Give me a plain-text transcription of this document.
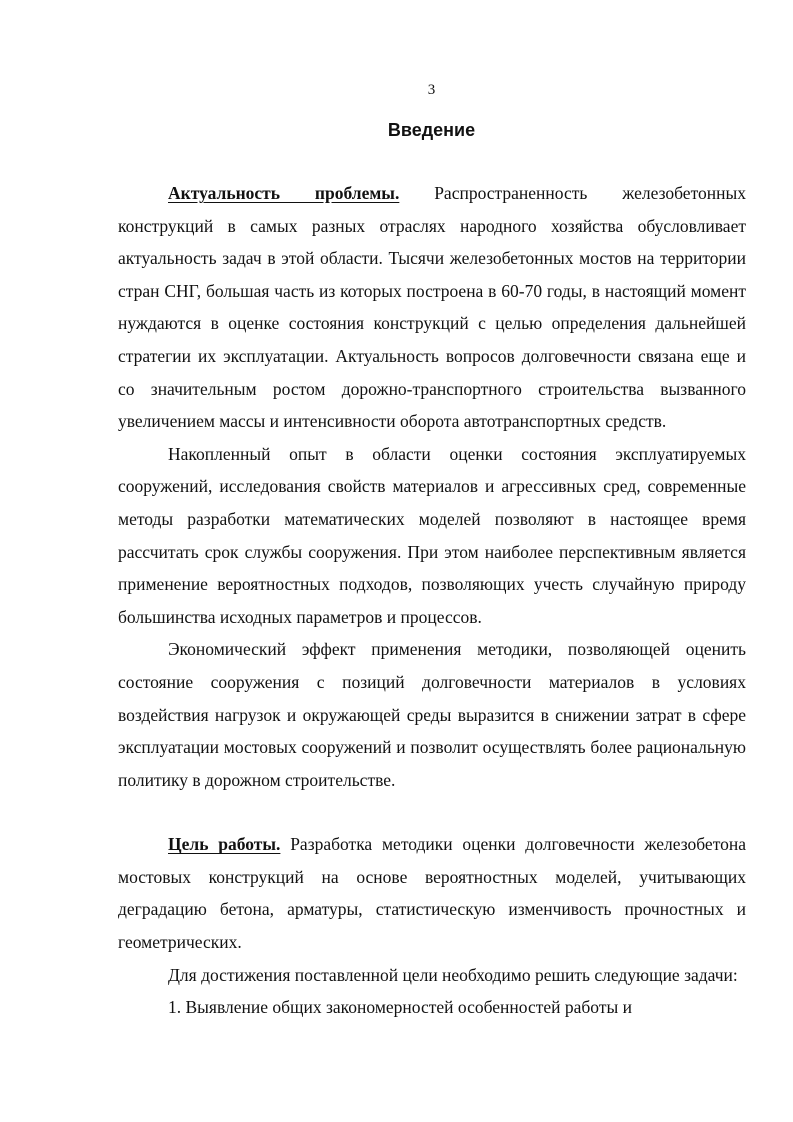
3
Введение

Актуальность проблемы. Распространенность железобетонных конструкций в самых разных отраслях народного хозяйства обусловливает актуальность задач в этой области. Тысячи железобетонных мостов на территории стран СНГ, большая часть из которых построена в 60-70 годы, в настоящий момент нуждаются в оценке состояния конструкций с целью определения дальнейшей стратегии их эксплуатации. Актуальность вопросов долговечности связана еще и со значительным ростом дорожно-транспортного строительства вызванного увеличением массы и интенсивности оборота автотранспортных средств.

Накопленный опыт в области оценки состояния эксплуатируемых сооружений, исследования свойств материалов и агрессивных сред, современные методы разработки математических моделей позволяют в настоящее время рассчитать срок службы сооружения. При этом наиболее перспективным является применение вероятностных подходов, позволяющих учесть случайную природу большинства исходных параметров и процессов.

Экономический эффект применения методики, позволяющей оценить состояние сооружения с позиций долговечности материалов в условиях воздействия нагрузок и окружающей среды выразится в снижении затрат в сфере эксплуатации мостовых сооружений и позволит осуществлять более рациональную политику в дорожном строительстве.

Цель работы. Разработка методики оценки долговечности железобетона мостовых конструкций на основе вероятностных моделей, учитывающих деградацию бетона, арматуры, статистическую изменчивость прочностных и геометрических.

Для достижения поставленной цели необходимо решить следующие задачи:

1. Выявление общих закономерностей особенностей работы и
